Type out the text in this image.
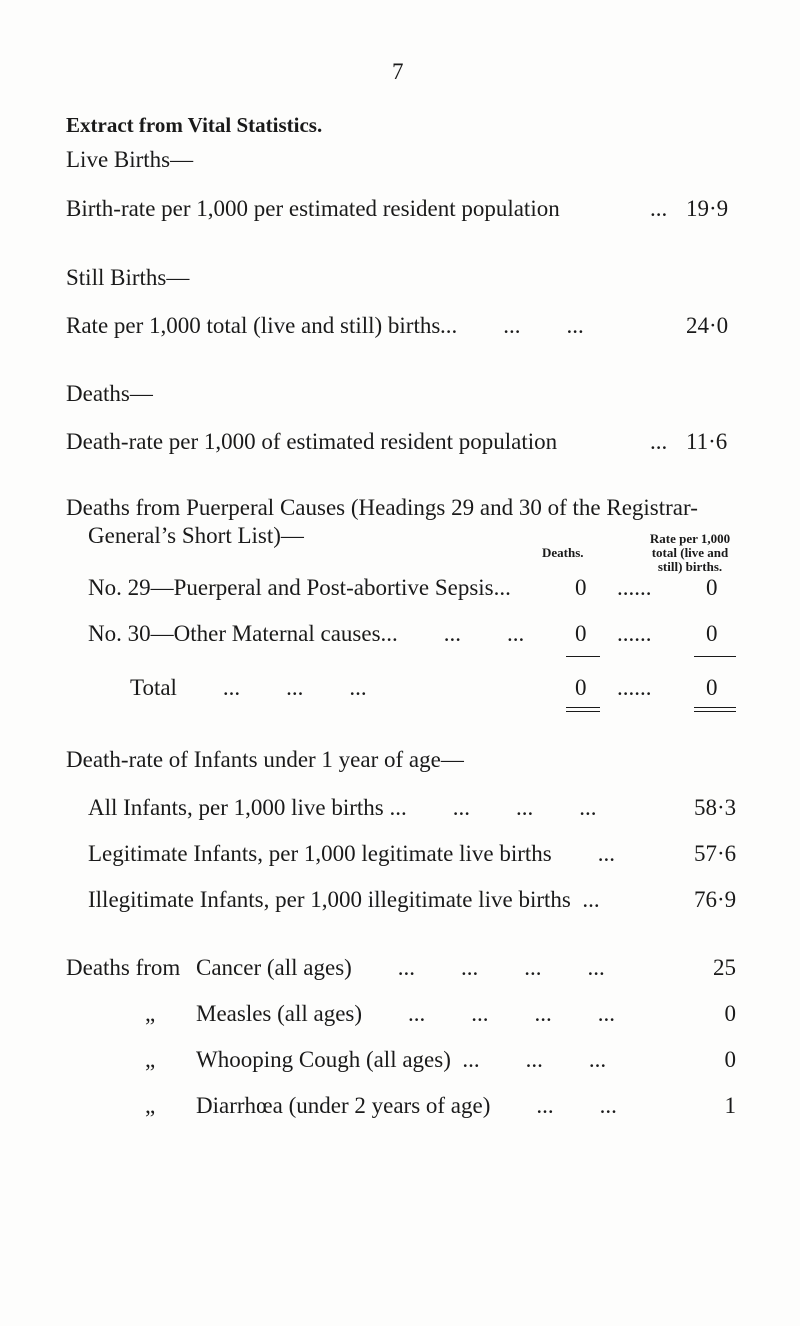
7
Extract from Vital Statistics.
Live Births—
Birth-rate per 1,000 per estimated resident population	... 19·9
Still Births—
Rate per 1,000 total (live and still) births ...        ...        ...	24·0
Deaths—
Death-rate per 1,000 of estimated resident population	... 11·6
Deaths from Puerperal Causes (Headings 29 and 30 of the Registrar-
General’s Short List)—
Deaths.
Rate per 1,000
total (live and
still) births.
No. 29—Puerperal and Post-abortive Sepsis...	0 ...... 0
No. 30—Other Maternal causes...        ...        ... 0 ...... 0
Total        ...        ...        ...	0 ...... 0
Death-rate of Infants under 1 year of age—
All Infants, per 1,000 live births ...        ...        ...        ...	58·3
Legitimate Infants, per 1,000 legitimate live births        ...	57·6
Illegitimate Infants, per 1,000 illegitimate live births  ...	76·9
Deaths from Cancer (all ages)        ...        ...        ...        ...	25
„ Measles (all ages)        ...        ...        ...        ...	0
„ Whooping Cough (all ages)  ...        ...        ...	0
„ Diarrhœa (under 2 years of age)        ...        ...	1
